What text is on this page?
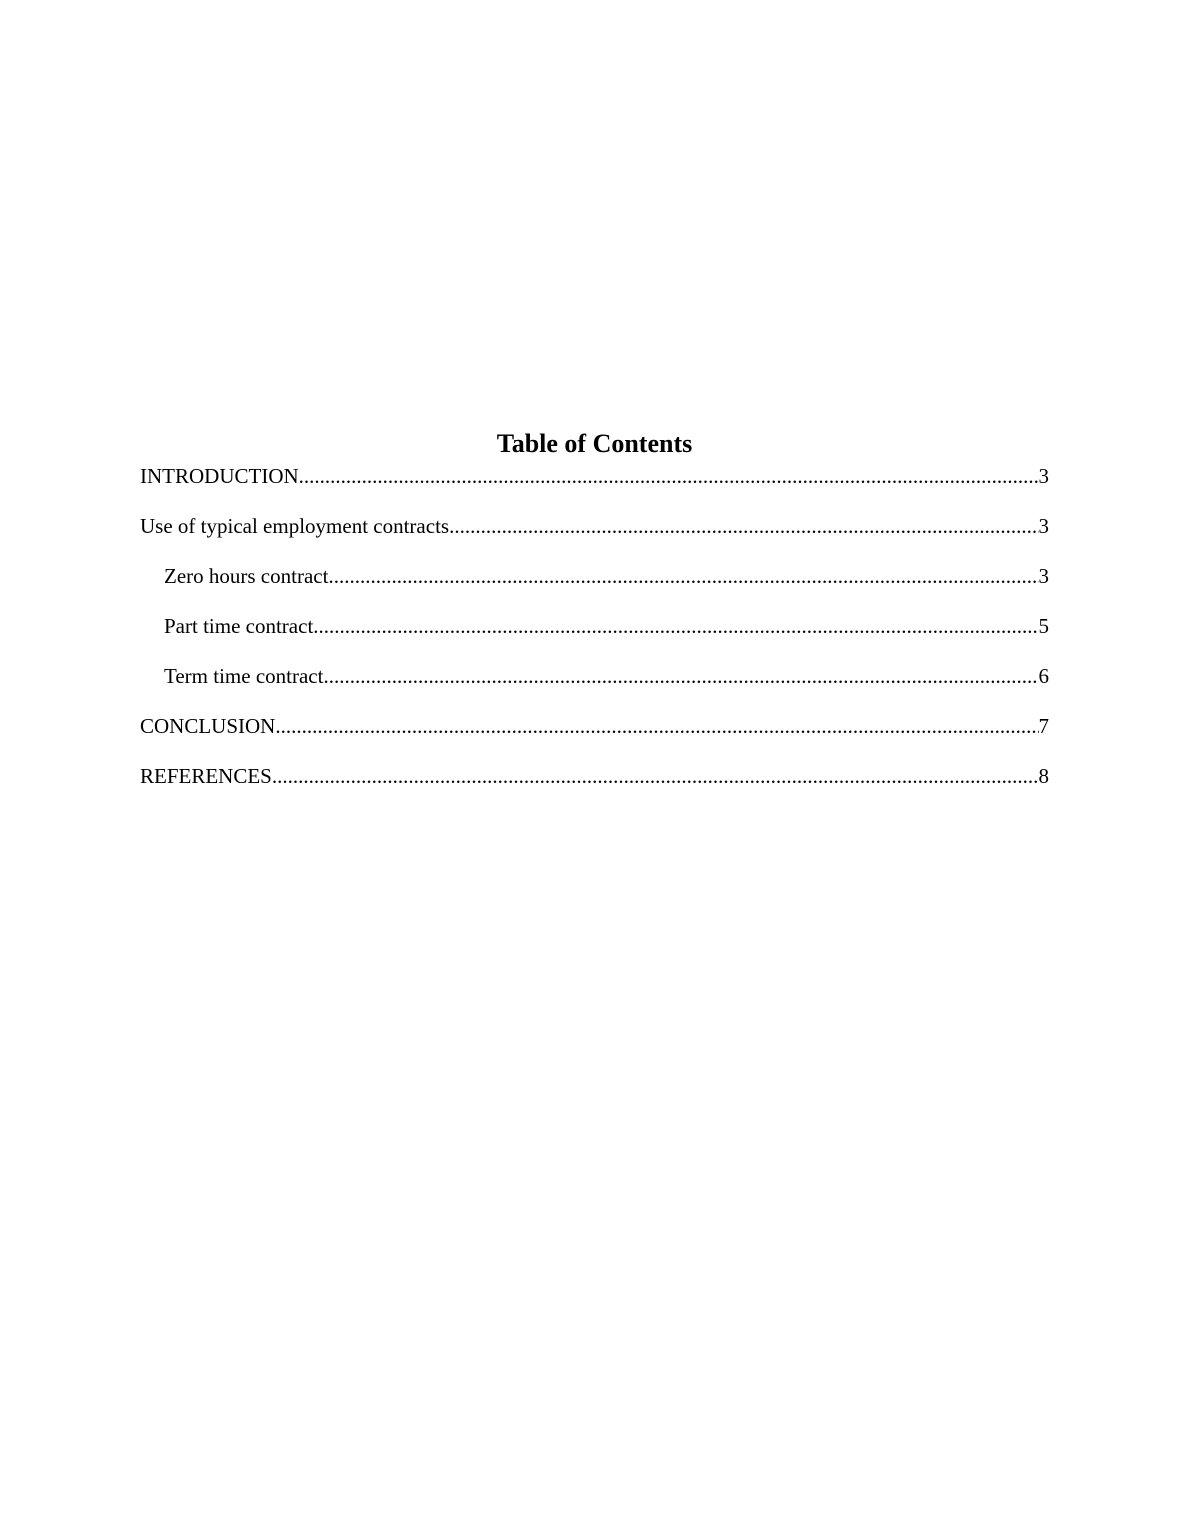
Table of Contents
INTRODUCTION .....	3
Use of typical employment contracts .....	3
Zero hours contract .....	3
Part time contract .....	5
Term time contract .....	6
CONCLUSION .....	7
REFERENCES .....	8
